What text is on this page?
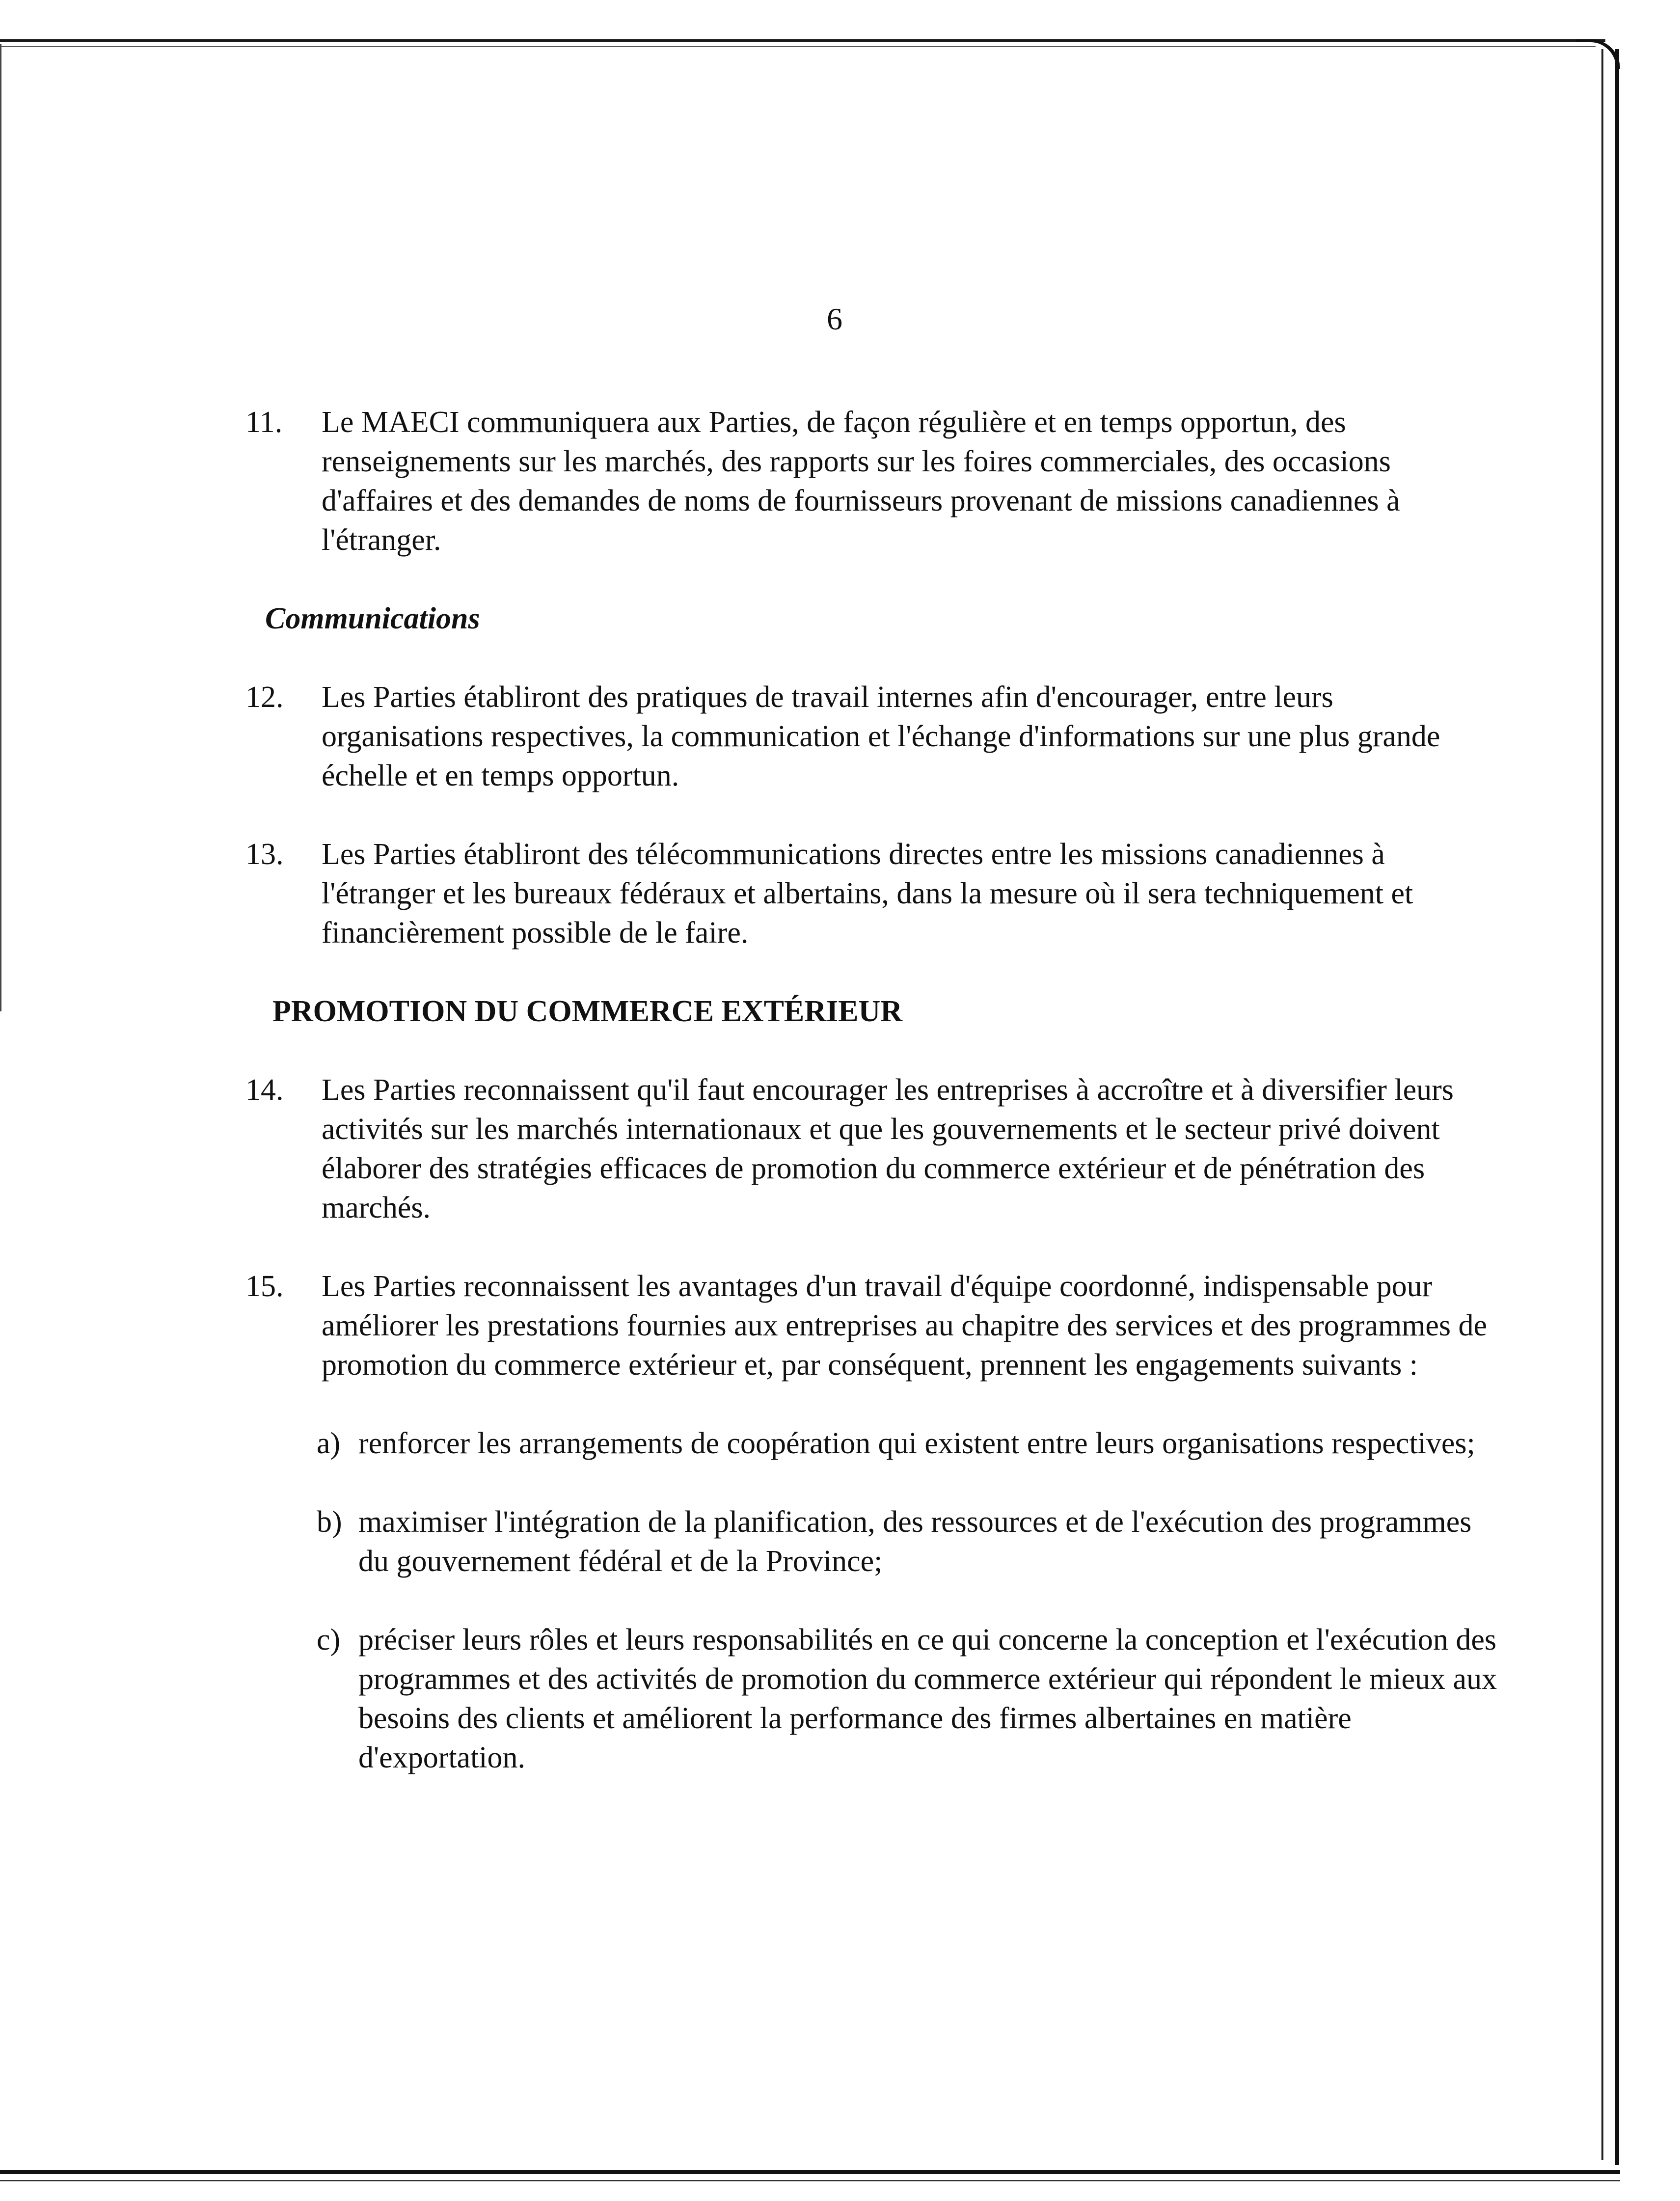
6
11. Le MAECI communiquera aux Parties, de façon régulière et en temps opportun, des renseignements sur les marchés, des rapports sur les foires commerciales, des occasions d'affaires et des demandes de noms de fournisseurs provenant de missions canadiennes à l'étranger.
Communications
12. Les Parties établiront des pratiques de travail internes afin d'encourager, entre leurs organisations respectives, la communication et l'échange d'informations sur une plus grande échelle et en temps opportun.
13. Les Parties établiront des télécommunications directes entre les missions canadiennes à l'étranger et les bureaux fédéraux et albertains, dans la mesure où il sera techniquement et financièrement possible de le faire.
PROMOTION DU COMMERCE EXTÉRIEUR
14. Les Parties reconnaissent qu'il faut encourager les entreprises à accroître et à diversifier leurs activités sur les marchés internationaux et que les gouvernements et le secteur privé doivent élaborer des stratégies efficaces de promotion du commerce extérieur et de pénétration des marchés.
15. Les Parties reconnaissent les avantages d'un travail d'équipe coordonné, indispensable pour améliorer les prestations fournies aux entreprises au chapitre des services et des programmes de promotion du commerce extérieur et, par conséquent, prennent les engagements suivants :
a) renforcer les arrangements de coopération qui existent entre leurs organisations respectives;
b) maximiser l'intégration de la planification, des ressources et de l'exécution des programmes du gouvernement fédéral et de la Province;
c) préciser leurs rôles et leurs responsabilités en ce qui concerne la conception et l'exécution des programmes et des activités de promotion du commerce extérieur qui répondent le mieux aux besoins des clients et améliorent la performance des firmes albertaines en matière d'exportation.
